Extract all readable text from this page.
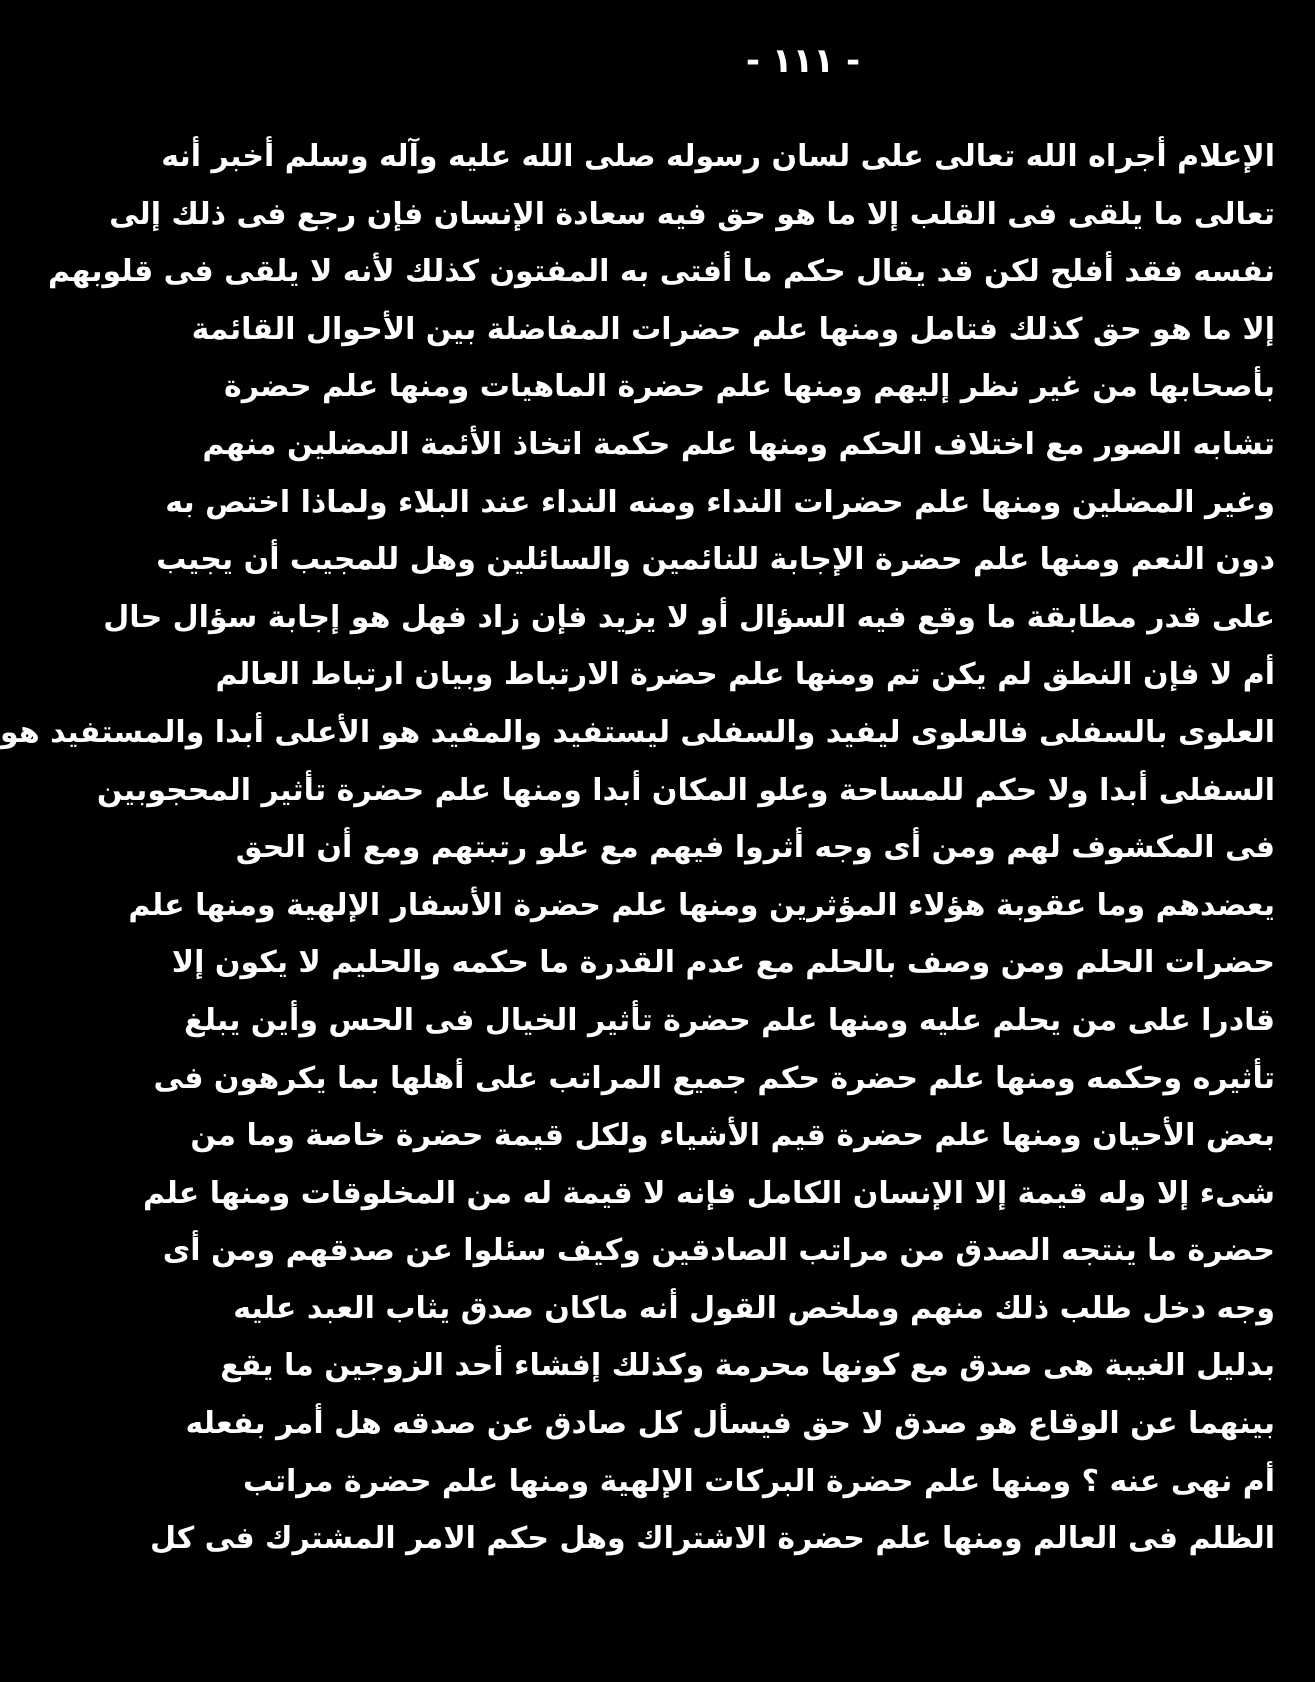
- ١١١ -
الإعلام أجراه الله تعالى على لسان رسوله صلى الله عليه وآله وسلم أخبر أنه
تعالى ما يلقى فى القلب إلا ما هو حق فيه سعادة الإنسان فإن رجع فى ذلك إلى
نفسه فقد أفلح لكن قد يقال حكم ما أفتى به المفتون كذلك لأنه لا يلقى فى قلوبهم
إلا ما هو حق كذلك فتامل ومنها علم حضرات المفاضلة بين الأحوال القائمة
بأصحابها من غير نظر إليهم ومنها علم حضرة الماهيات ومنها علم حضرة
تشابه الصور مع اختلاف الحكم ومنها علم حكمة اتخاذ الأئمة المضلين منهم
وغير المضلين ومنها علم حضرات النداء ومنه النداء عند البلاء ولماذا اختص به
دون النعم ومنها علم حضرة الإجابة للنائمين والسائلين وهل للمجيب أن يجيب
على قدر مطابقة ما وقع فيه السؤال أو لا يزيد فإن زاد فهل هو إجابة سؤال حال
أم لا فإن النطق لم يكن تم ومنها علم حضرة الارتباط وبيان ارتباط العالم
العلوى بالسفلى فالعلوى ليفيد والسفلى ليستفيد والمفيد هو الأعلى أبدا والمستفيد هو
السفلى أبدا ولا حكم للمساحة وعلو المكان أبدا ومنها علم حضرة تأثير المحجوبين
فى المكشوف لهم ومن أى وجه أثروا فيهم مع علو رتبتهم ومع أن الحق
يعضدهم وما عقوبة هؤلاء المؤثرين ومنها علم حضرة الأسفار الإلهية ومنها علم
حضرات الحلم ومن وصف بالحلم مع عدم القدرة ما حكمه والحليم لا يكون إلا
قادرا على من يحلم عليه ومنها علم حضرة تأثير الخيال فى الحس وأين يبلغ
تأثيره وحكمه ومنها علم حضرة حكم جميع المراتب على أهلها بما يكرهون فى
بعض الأحيان ومنها علم حضرة قيم الأشياء ولكل قيمة حضرة خاصة وما من
شىء إلا وله قيمة إلا الإنسان الكامل فإنه لا قيمة له من المخلوقات ومنها علم
حضرة ما ينتجه الصدق من مراتب الصادقين وكيف سئلوا عن صدقهم ومن أى
وجه دخل طلب ذلك منهم وملخص القول أنه ماكان صدق يثاب العبد عليه
بدليل الغيبة هى صدق مع كونها محرمة وكذلك إفشاء أحد الزوجين ما يقع
بينهما عن الوقاع هو صدق لا حق فيسأل كل صادق عن صدقه هل أمر بفعله
أم نهى عنه ؟ ومنها علم حضرة البركات الإلهية ومنها علم حضرة مراتب
الظلم فى العالم ومنها علم حضرة الاشتراك وهل حكم الامر المشترك فى كل
